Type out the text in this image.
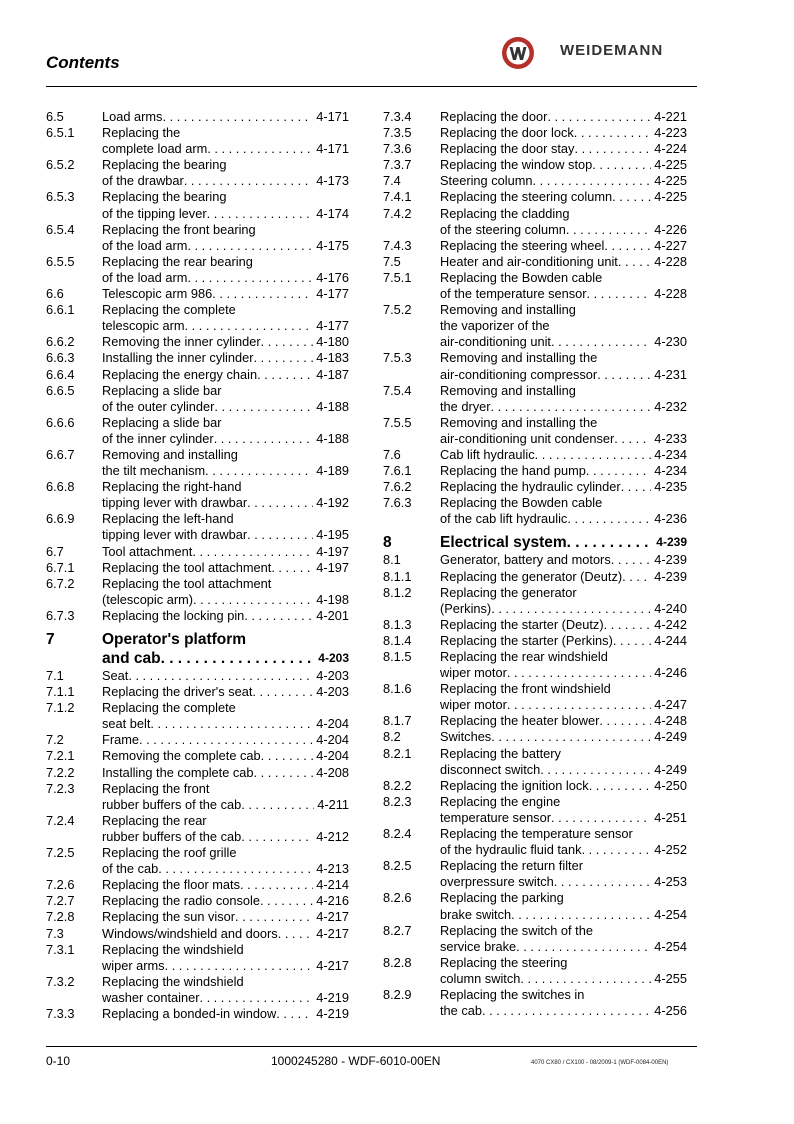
Contents
WEIDEMANN
6.5	Load arms . . .	4-171
6.5.1	Replacing the
complete load arm . . .	4-171
6.5.2	Replacing the bearing
of the drawbar . . .	4-173
6.5.3	Replacing the bearing
of the tipping lever . . .	4-174
6.5.4	Replacing the front bearing
of the load arm . . .	4-175
6.5.5	Replacing the rear bearing
of the load arm . . .	4-176
6.6	Telescopic arm 986 . . .	4-177
6.6.1	Replacing the complete
telescopic arm . . .	4-177
6.6.2	Removing the inner cylinder . . .	4-180
6.6.3	Installing the inner cylinder . . .	4-183
6.6.4	Replacing the energy chain . . .	4-187
6.6.5	Replacing a slide bar
of the outer cylinder . . .	4-188
6.6.6	Replacing a slide bar
of the inner cylinder . . .	4-188
6.6.7	Removing and installing
the tilt mechanism . . .	4-189
6.6.8	Replacing the right-hand
tipping lever with drawbar . . .	4-192
6.6.9	Replacing the left-hand
tipping lever with drawbar . . .	4-195
6.7	Tool attachment . . .	4-197
6.7.1	Replacing the tool attachment . . .	4-197
6.7.2	Replacing the tool attachment
(telescopic arm) . . .	4-198
6.7.3	Replacing the locking pin . . .	4-201
7	Operator's platform
and cab . . .	4-203
7.1	Seat . . .	4-203
7.1.1	Replacing the driver's seat . . .	4-203
7.1.2	Replacing the complete
seat belt . . .	4-204
7.2	Frame . . .	4-204
7.2.1	Removing the complete cab . . .	4-204
7.2.2	Installing the complete cab . . .	4-208
7.2.3	Replacing the front
rubber buffers of the cab . . .	4-211
7.2.4	Replacing the rear
rubber buffers of the cab . . .	4-212
7.2.5	Replacing the roof grille
of the cab . . .	4-213
7.2.6	Replacing the floor mats . . .	4-214
7.2.7	Replacing the radio console . . .	4-216
7.2.8	Replacing the sun visor . . .	4-217
7.3	Windows/windshield and doors . . .	4-217
7.3.1	Replacing the windshield
wiper arms . . .	4-217
7.3.2	Replacing the windshield
washer container . . .	4-219
7.3.3	Replacing a bonded-in window . . .	4-219
7.3.4	Replacing the door . . .	4-221
7.3.5	Replacing the door lock . . .	4-223
7.3.6	Replacing the door stay . . .	4-224
7.3.7	Replacing the window stop . . .	4-225
7.4	Steering column . . .	4-225
7.4.1	Replacing the steering column . . .	4-225
7.4.2	Replacing the cladding
of the steering column . . .	4-226
7.4.3	Replacing the steering wheel . . .	4-227
7.5	Heater and air-conditioning unit . . .	4-228
7.5.1	Replacing the Bowden cable
of the temperature sensor . . .	4-228
7.5.2	Removing and installing
the vaporizer of the
air-conditioning unit . . .	4-230
7.5.3	Removing and installing the
air-conditioning compressor . . .	4-231
7.5.4	Removing and installing
the dryer . . .	4-232
7.5.5	Removing and installing the
air-conditioning unit condenser . . .	4-233
7.6	Cab lift hydraulic . . .	4-234
7.6.1	Replacing the hand pump . . .	4-234
7.6.2	Replacing the hydraulic cylinder . . .	4-235
7.6.3	Replacing the Bowden cable
of the cab lift hydraulic . . .	4-236
8	Electrical system . . .	4-239
8.1	Generator, battery and motors . . .	4-239
8.1.1	Replacing the generator (Deutz) . . .	4-239
8.1.2	Replacing the generator
(Perkins) . . .	4-240
8.1.3	Replacing the starter (Deutz) . . .	4-242
8.1.4	Replacing the starter (Perkins) . . .	4-244
8.1.5	Replacing the rear windshield
wiper motor . . .	4-246
8.1.6	Replacing the front windshield
wiper motor . . .	4-247
8.1.7	Replacing the heater blower . . .	4-248
8.2	Switches . . .	4-249
8.2.1	Replacing the battery
disconnect switch . . .	4-249
8.2.2	Replacing the ignition lock . . .	4-250
8.2.3	Replacing the engine
temperature sensor . . .	4-251
8.2.4	Replacing the temperature sensor
of the hydraulic fluid tank . . .	4-252
8.2.5	Replacing the return filter
overpressure switch . . .	4-253
8.2.6	Replacing the parking
brake switch . . .	4-254
8.2.7	Replacing the switch of the
service brake . . .	4-254
8.2.8	Replacing the steering
column switch . . .	4-255
8.2.9	Replacing the switches in
the cab . . .	4-256
0-10	1000245280 - WDF-6010-00EN	4070 CX80 / CX100 - 08/2009-1 (WDF-0084-00EN)
